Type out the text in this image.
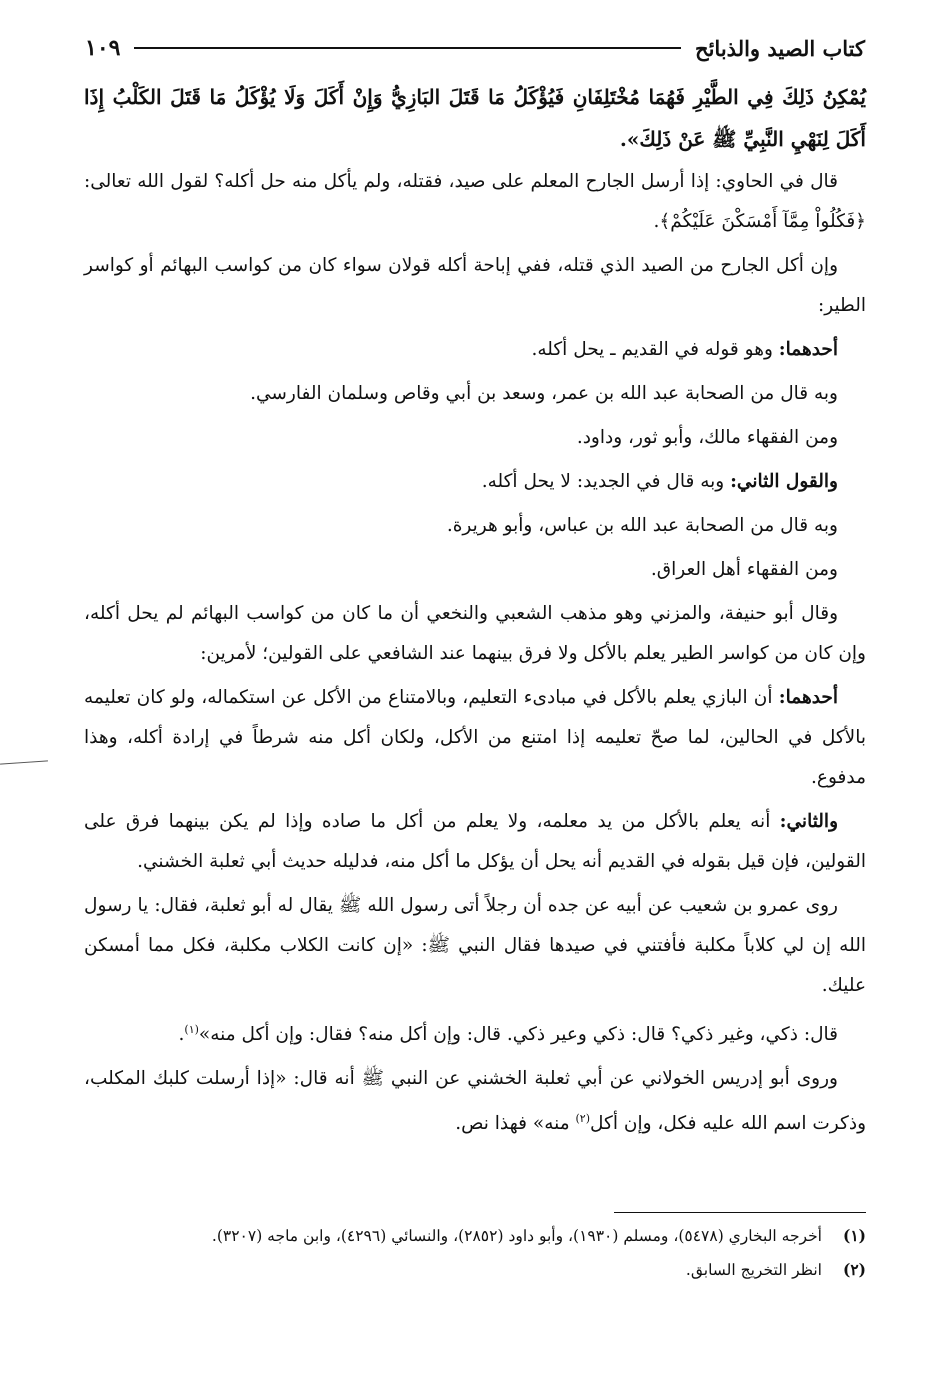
كتاب الصيد والذبائح
١٠٩

يُمْكِنُ ذَلِكَ فِي الطَّيْرِ فَهُمَا مُخْتَلِفَانِ فَيُؤْكَلُ مَا قَتَلَ البَازِيُّ وَإِنْ أَكَلَ وَلَا يُؤْكَلُ مَا قَتَلَ الكَلْبُ إِذَا أَكَلَ لِنَهْيِ النَّبِيِّ ﷺ عَنْ ذَلِكَ».

قال في الحاوي: إذا أرسل الجارح المعلم على صيد، فقتله، ولم يأكل منه حل أكله؟ لقول الله تعالى: ﴿فَكُلُواْ مِمَّآ أَمْسَكْنَ عَلَيْكُمْ﴾.

وإن أكل الجارح من الصيد الذي قتله، ففي إباحة أكله قولان سواء كان من كواسب البهائم أو كواسر الطير:

أحدهما: وهو قوله في القديم ـ يحل أكله.

وبه قال من الصحابة عبد الله بن عمر، وسعد بن أبي وقاص وسلمان الفارسي.

ومن الفقهاء مالك، وأبو ثور، وداود.

والقول الثاني: وبه قال في الجديد: لا يحل أكله.

وبه قال من الصحابة عبد الله بن عباس، وأبو هريرة.

ومن الفقهاء أهل العراق.

وقال أبو حنيفة، والمزني وهو مذهب الشعبي والنخعي أن ما كان من كواسب البهائم لم يحل أكله، وإن كان من كواسر الطير يعلم بالأكل ولا فرق بينهما عند الشافعي على القولين؛ لأمرين:

أحدهما: أن البازي يعلم بالأكل في مبادىء التعليم، وبالامتناع من الأكل عن استكماله، ولو كان تعليمه بالأكل في الحالين، لما صحّ تعليمه إذا امتنع من الأكل، ولكان أكل منه شرطاً في إرادة أكله، وهذا مدفوع.

والثاني: أنه يعلم بالأكل من يد معلمه، ولا يعلم من أكل ما صاده وإذا لم يكن بينهما فرق على القولين، فإن قيل بقوله في القديم أنه يحل أن يؤكل ما أكل منه، فدليله حديث أبي ثعلبة الخشني.

روى عمرو بن شعيب عن أبيه عن جده أن رجلاً أتى رسول الله ﷺ يقال له أبو ثعلبة، فقال: يا رسول الله إن لي كلاباً مكلبة فأفتني في صيدها فقال النبي ﷺ: «إن كانت الكلاب مكلبة، فكل مما أمسكن عليك.

قال: ذكي، وغير ذكي؟ قال: ذكي وعير ذكي. قال: وإن أكل منه؟ فقال: وإن أكل منه»$^{(١)}$.

وروى أبو إدريس الخولاني عن أبي ثعلبة الخشني عن النبي ﷺ أنه قال: «إذا أرسلت كلبك المكلب، وذكرت اسم الله عليه فكل، وإن أكل$^{(٢)}$ منه» فهذا نص.

(١)
أخرجه البخاري (٥٤٧٨)، ومسلم (١٩٣٠)، وأبو داود (٢٨٥٢)، والنسائي (٤٢٩٦)، وابن ماجه (٣٢٠٧).
(٢)
انظر التخريج السابق.
